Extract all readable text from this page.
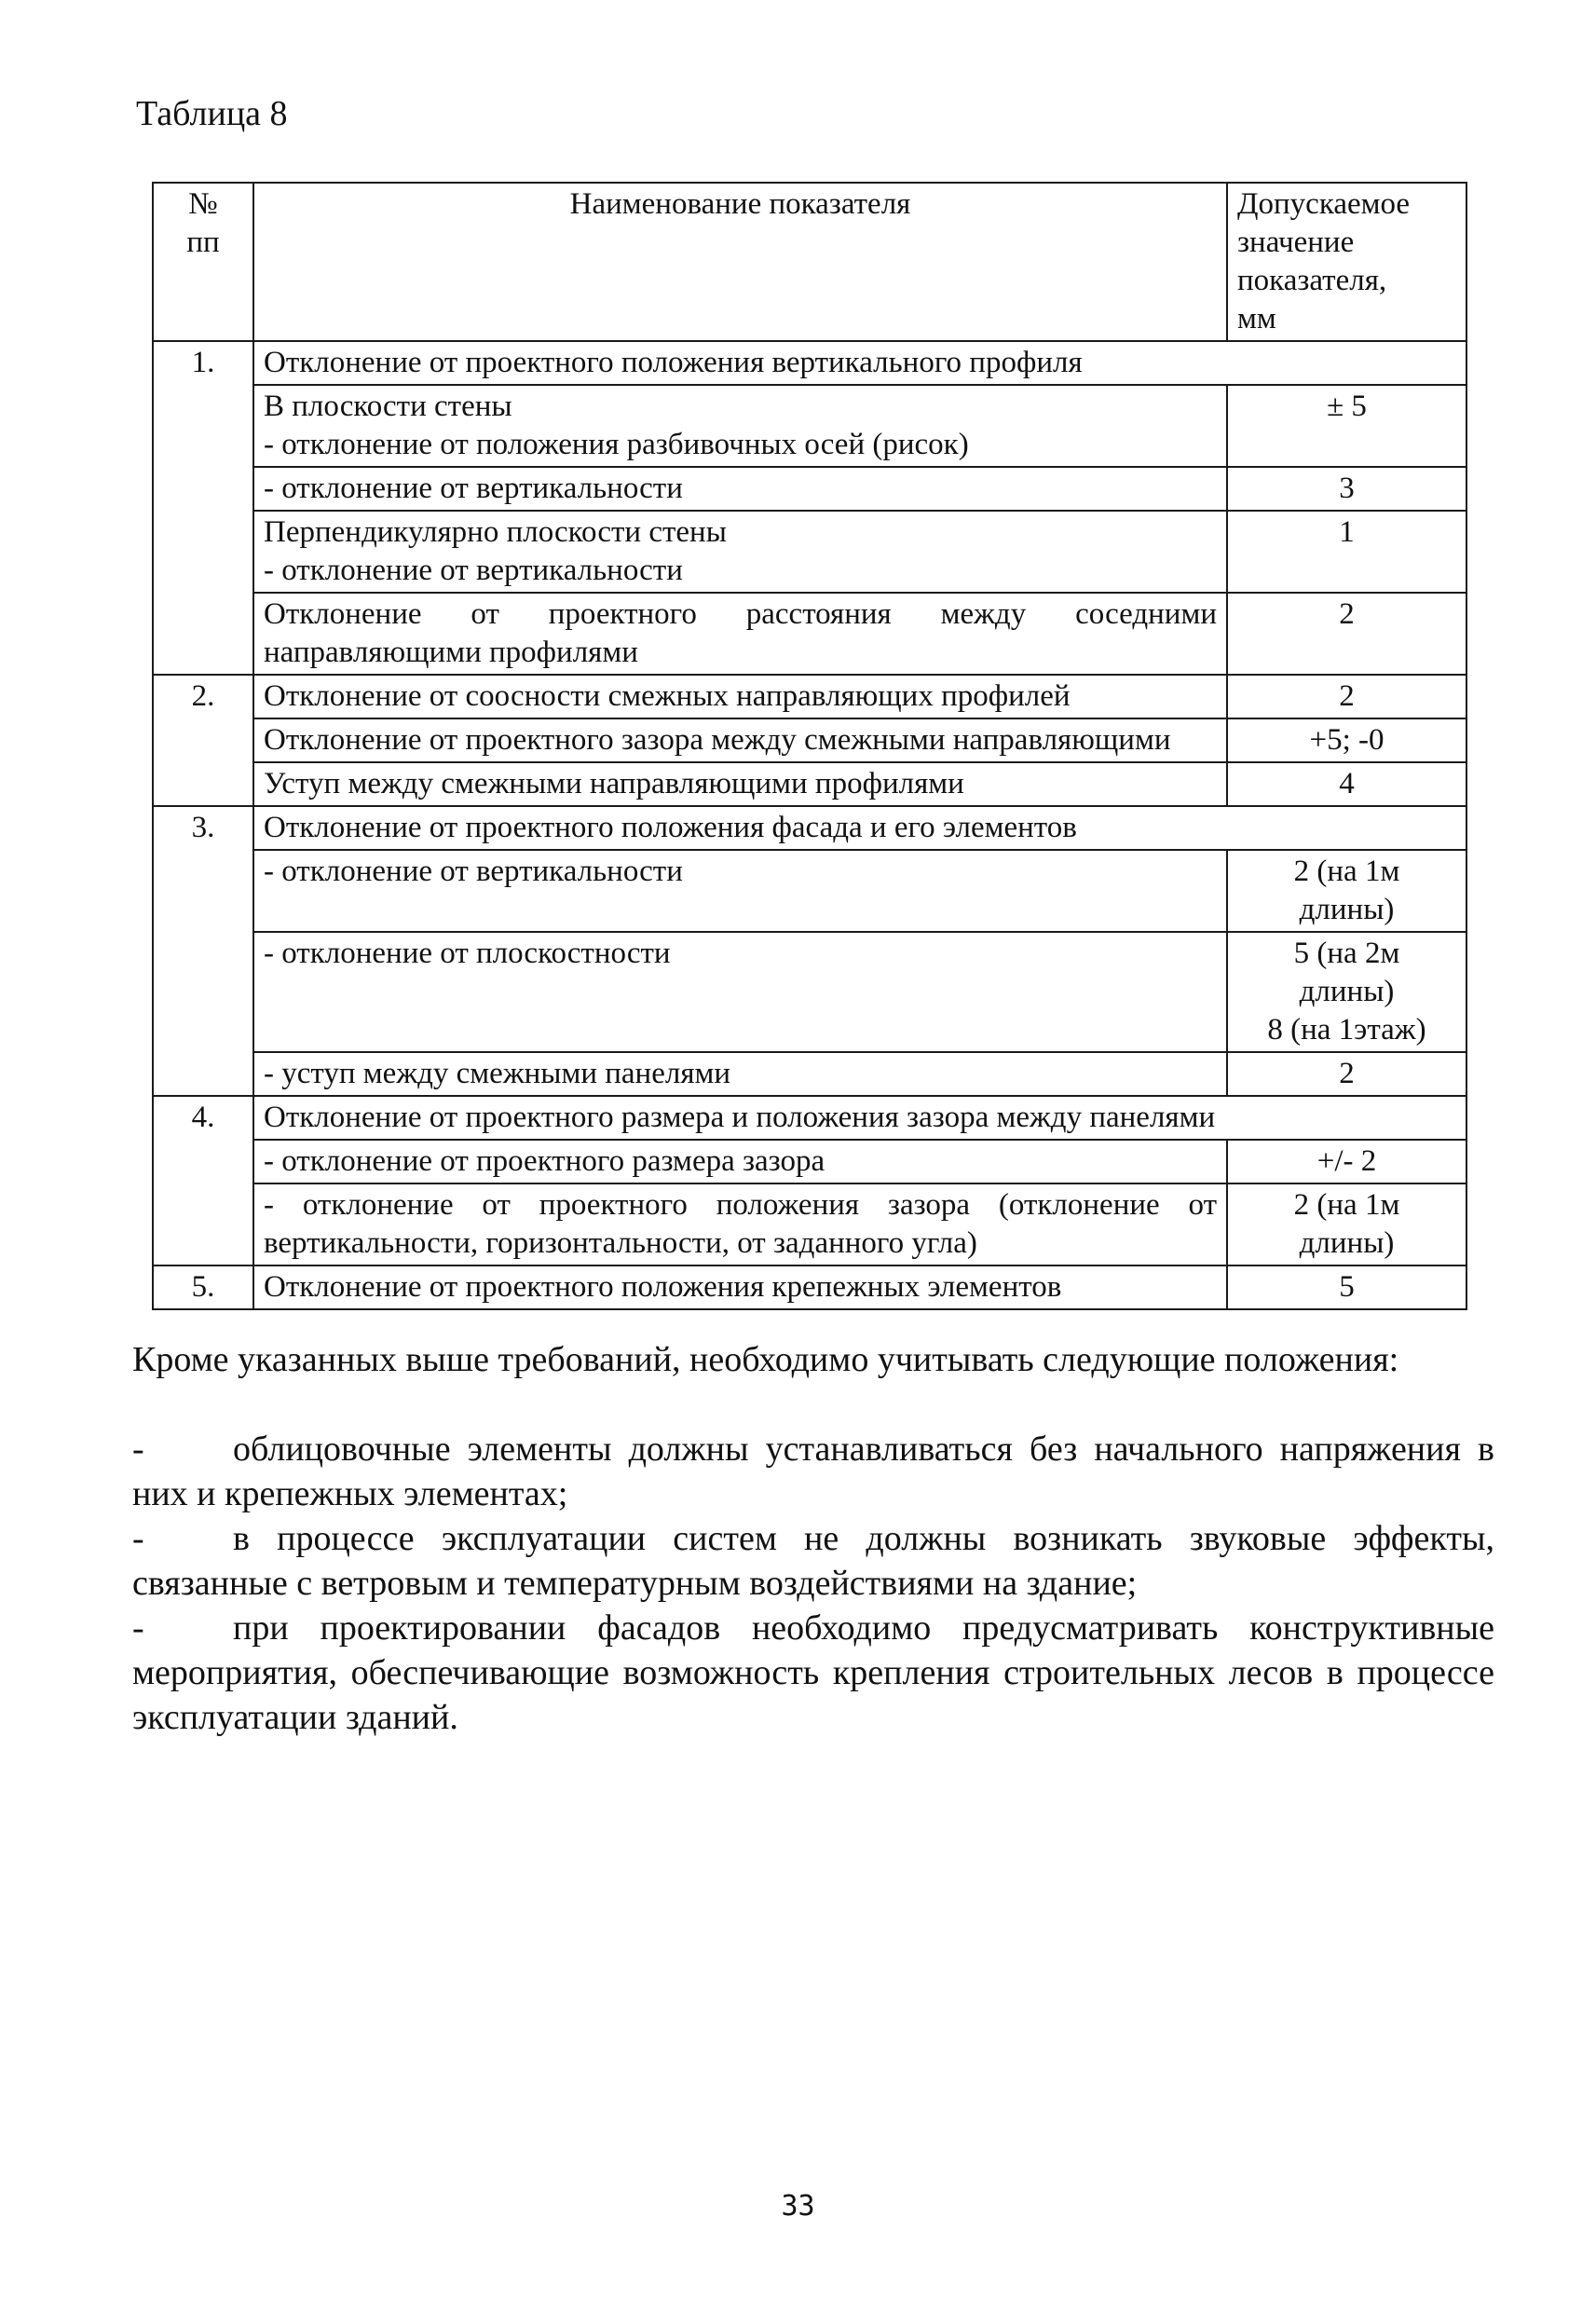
Таблица 8
№
пп	Наименование показателя	Допускаемое
значение
показателя,
мм

1.	Отклонение от проектного положения вертикального профиля	

	В плоскости стены
- отклонение от положения разбивочных осей (рисок)	± 5
	- отклонение от вертикальности	3

	Перпендикулярно плоскости стены
- отклонение от вертикальности	1
	Отклонение от проектного расстояния между соседними направляющими профилями	2
2.	Отклонение от соосности смежных направляющих профилей	2
	Отклонение от проектного зазора между смежными направляющими	+5; -0
	Уступ между смежными направляющими профилями	4
3.	Отклонение от проектного положения фасада и его элементов	
	- отклонение от вертикальности	2 (на 1м
длины)

	- отклонение от плоскостности	5 (на 2м
длины)
8 (на 1этаж)

	- уступ между смежными панелями	2
4.	Отклонение от проектного размера и положения зазора между панелями	
	- отклонение от проектного размера зазора	+/- 2
	- отклонение от проектного положения зазора (отклонение от вертикальности, горизонтальности, от заданного угла)	2 (на 1м
длины)

5.	Отклонение от проектного положения крепежных элементов	5
Кроме указанных выше требований, необходимо учитывать следующие положения:
-	облицовочные элементы должны устанавливаться без начального напряжения в них и крепежных элементах;
-	в процессе эксплуатации систем не должны возникать звуковые эффекты, связанные с ветровым и температурным воздействиями на здание;
-	при проектировании фасадов необходимо предусматривать конструктивные мероприятия, обеспечивающие возможность крепления строительных лесов в процессе эксплуатации зданий.
33
